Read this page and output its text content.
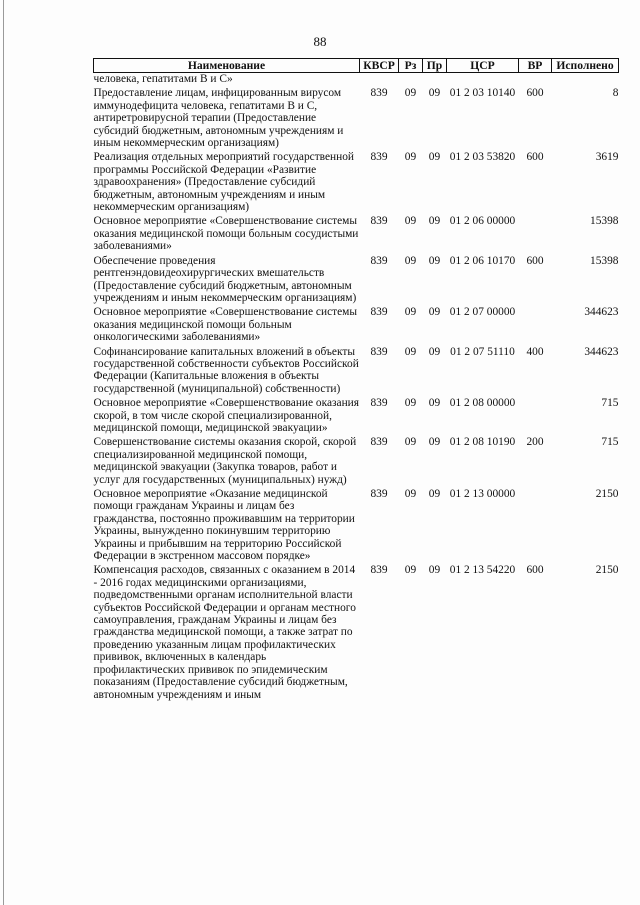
88
Наименование	КВСР	Рз	Пр	ЦСР	ВР	Исполнено
человека, гепатитами В и С»						
Предоставление лицам, инфицированным вирусом иммунодефицита человека, гепатитами В и С, антиретровирусной терапии (Предоставление субсидий бюджетным, автономным учреждениям и иным некоммерческим организациям)	839	09	09	01 2 03 10140	600	8
Реализация отдельных мероприятий государственной программы Российской Федерации «Развитие здравоохранения» (Предоставление субсидий бюджетным, автономным учреждениям и иным некоммерческим организациям)	839	09	09	01 2 03 53820	600	3619
Основное мероприятие «Совершенствование системы оказания медицинской помощи больным сосудистыми заболеваниями»	839	09	09	01 2 06 00000		15398
Обеспечение проведения рентгенэндовидеохирургических вмешательств (Предоставление субсидий бюджетным, автономным учреждениям и иным некоммерческим организациям)	839	09	09	01 2 06 10170	600	15398
Основное мероприятие «Совершенствование системы оказания медицинской помощи больным онкологическими заболеваниями»	839	09	09	01 2 07 00000		344623
Софинансирование капитальных вложений в объекты государственной собственности субъектов Российской Федерации (Капитальные вложения в объекты государственной (муниципальной) собственности)	839	09	09	01 2 07 51110	400	344623
Основное мероприятие «Совершенствование оказания скорой, в том числе скорой специализированной, медицинской помощи, медицинской эвакуации»	839	09	09	01 2 08 00000		715
Совершенствование системы оказания скорой, скорой специализированной медицинской помощи, медицинской эвакуации (Закупка товаров, работ и услуг для государственных (муниципальных) нужд)	839	09	09	01 2 08 10190	200	715
Основное мероприятие «Оказание медицинской помощи гражданам Украины и лицам без гражданства, постоянно проживавшим на территории Украины, вынужденно покинувшим территорию Украины и прибывшим на территорию Российской Федерации в экстренном массовом порядке»	839	09	09	01 2 13 00000		2150
Компенсация расходов, связанных с оказанием в 2014 - 2016 годах медицинскими организациями, подведомственными органам исполнительной власти субъектов Российской Федерации и органам местного самоуправления, гражданам Украины и лицам без гражданства медицинской помощи, а также затрат по проведению указанным лицам профилактических прививок, включенных в календарь профилактических прививок по эпидемическим показаниям (Предоставление субсидий бюджетным, автономным учреждениям и иным	839	09	09	01 2 13 54220	600	2150
